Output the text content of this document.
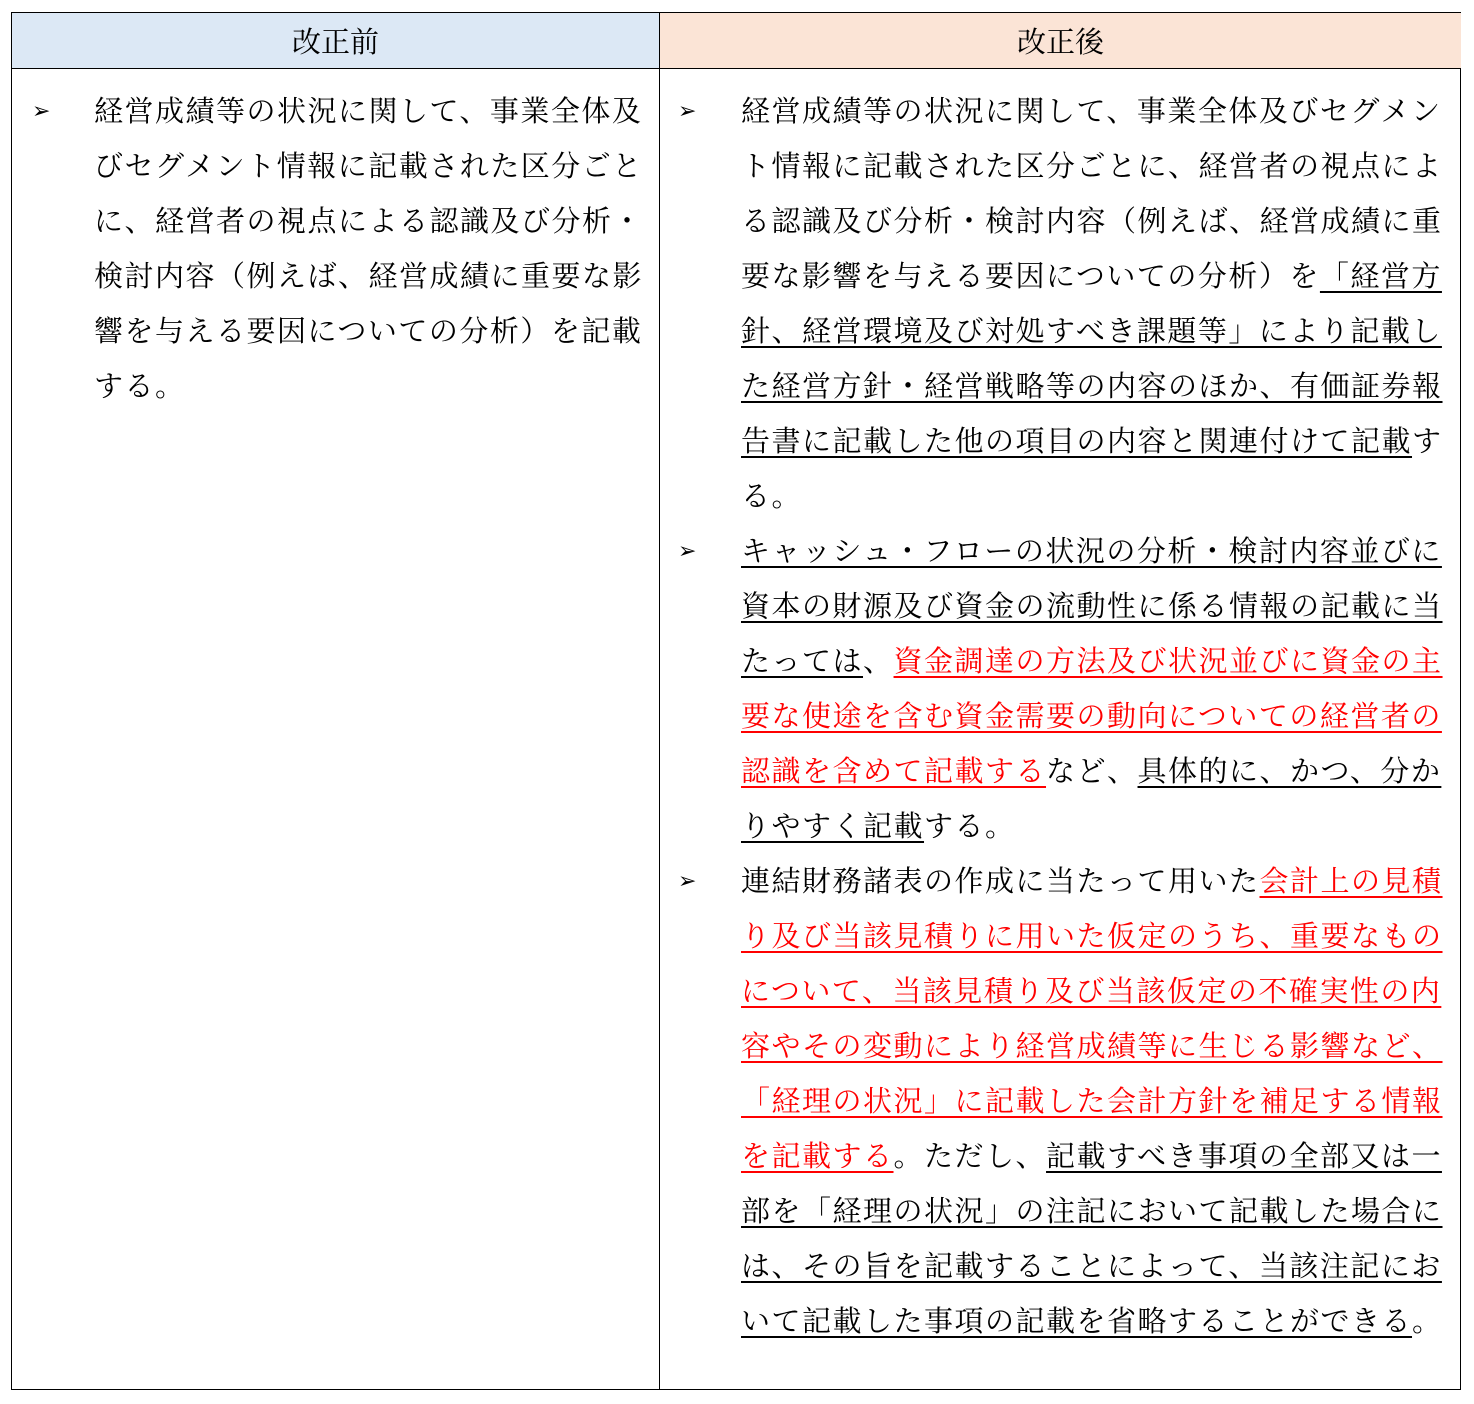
改正前	改正後
➢ 経営成績等の状況に関して、事業全体及びセグメント情報に記載された区分ごとに、経営者の視点による認識及び分析・検討内容（例えば、経営成績に重要な影響を与える要因についての分析）を記載する。
➢ 経営成績等の状況に関して、事業全体及びセグメント情報に記載された区分ごとに、経営者の視点による認識及び分析・検討内容（例えば、経営成績に重要な影響を与える要因についての分析）を「経営方針、経営環境及び対処すべき課題等」により記載した経営方針・経営戦略等の内容のほか、有価証券報告書に記載した他の項目の内容と関連付けて記載する。
➢ キャッシュ・フローの状況の分析・検討内容並びに資本の財源及び資金の流動性に係る情報の記載に当たっては、資金調達の方法及び状況並びに資金の主要な使途を含む資金需要の動向についての経営者の認識を含めて記載するなど、具体的に、かつ、分かりやすく記載する。
➢ 連結財務諸表の作成に当たって用いた会計上の見積り及び当該見積りに用いた仮定のうち、重要なものについて、当該見積り及び当該仮定の不確実性の内容やその変動により経営成績等に生じる影響など、「経理の状況」に記載した会計方針を補足する情報を記載する。ただし、記載すべき事項の全部又は一部を「経理の状況」の注記において記載した場合には、その旨を記載することによって、当該注記において記載した事項の記載を省略することができる。
